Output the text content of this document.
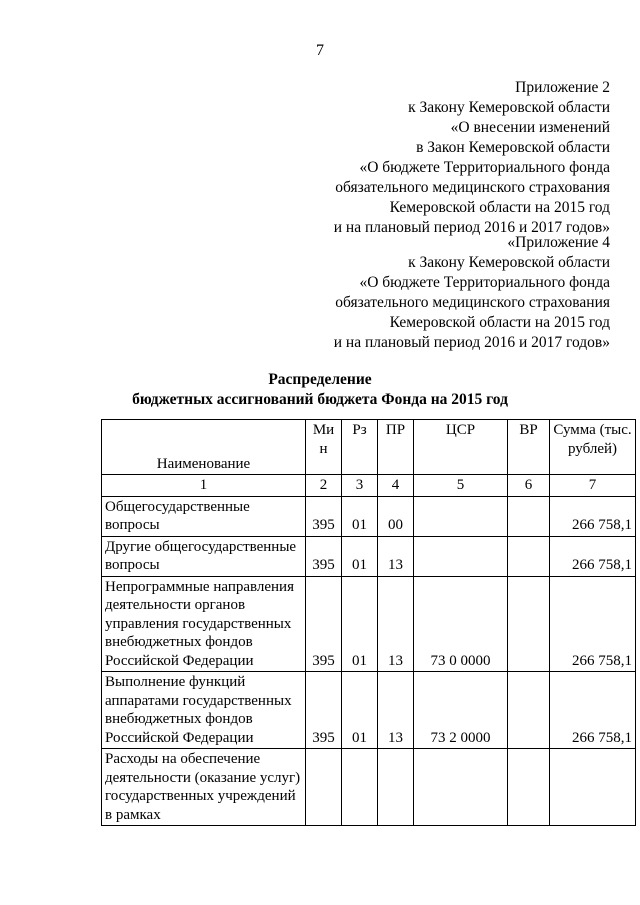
7
Приложение 2
к Закону Кемеровской области
«О внесении изменений
в Закон Кемеровской области
«О бюджете Территориального фонда
обязательного медицинского страхования
Кемеровской области на 2015 год
и на плановый период 2016 и 2017 годов»
«Приложение 4
к Закону Кемеровской области
«О бюджете Территориального фонда
обязательного медицинского страхования
Кемеровской области на 2015 год
и на плановый период 2016 и 2017 годов»
Распределение
бюджетных ассигнований бюджета Фонда на 2015 год
Наименование	Ми н	Рз	ПР	ЦСР	ВР	Сумма (тыс. рублей)
1	2	3	4	5	6	7
Общегосударственные вопросы	395	01	00			266 758,1
Другие общегосударственные вопросы	395	01	13			266 758,1
Непрограммные направления деятельности органов управления государственных внебюджетных фондов Российской Федерации	395	01	13	73 0 0000		266 758,1
Выполнение функций аппаратами государственных внебюджетных фондов Российской Федерации	395	01	13	73 2 0000		266 758,1
Расходы на обеспечение деятельности (оказание услуг) государственных учреждений в рамках						
